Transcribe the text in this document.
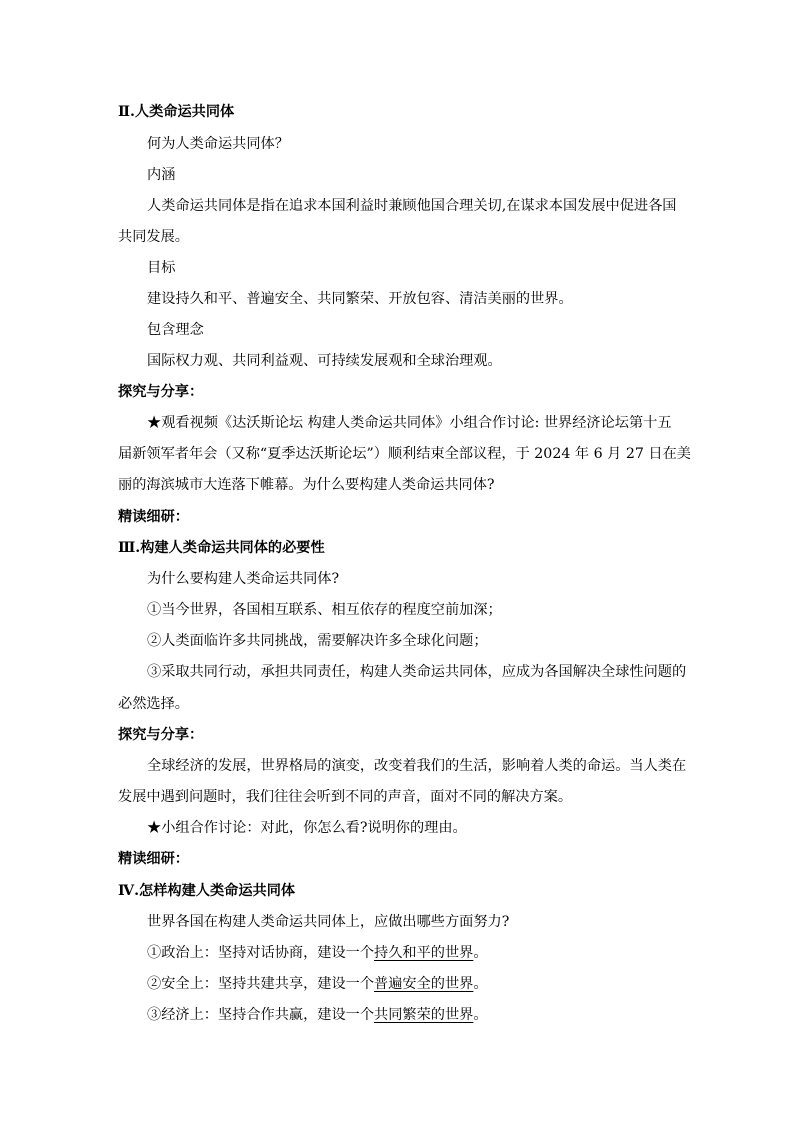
Ⅱ.人类命运共同体
何为人类命运共同体？
内涵
人类命运共同体是指在追求本国利益时兼顾他国合理关切,在谋求本国发展中促进各国
共同发展。
目标
建设持久和平、普遍安全、共同繁荣、开放包容、清洁美丽的世界。
包含理念
国际权力观、共同利益观、可持续发展观和全球治理观。
探究与分享：
★观看视频《达沃斯论坛 构建人类命运共同体》小组合作讨论: 世界经济论坛第十五
届新领军者年会（又称“夏季达沃斯论坛”）顺利结束全部议程，于 2024 年 6 月 27 日在美
丽的海滨城市大连落下帷幕。为什么要构建人类命运共同体?
精读细研：
Ⅲ.构建人类命运共同体的必要性
为什么要构建人类命运共同体?
①当今世界，各国相互联系、相互依存的程度空前加深；
②人类面临许多共同挑战，需要解决许多全球化问题；
③采取共同行动，承担共同责任，构建人类命运共同体，应成为各国解决全球性问题的
必然选择。
探究与分享：
全球经济的发展，世界格局的演变，改变着我们的生活，影响着人类的命运。当人类在
发展中遇到问题时，我们往往会听到不同的声音，面对不同的解决方案。
★小组合作讨论：对此，你怎么看?说明你的理由。
精读细研：
Ⅳ.怎样构建人类命运共同体
世界各国在构建人类命运共同体上，应做出哪些方面努力?
①政治上：坚持对话协商，建设一个持久和平的世界。
②安全上：坚持共建共享，建设一个普遍安全的世界。
③经济上：坚持合作共赢，建设一个共同繁荣的世界。
